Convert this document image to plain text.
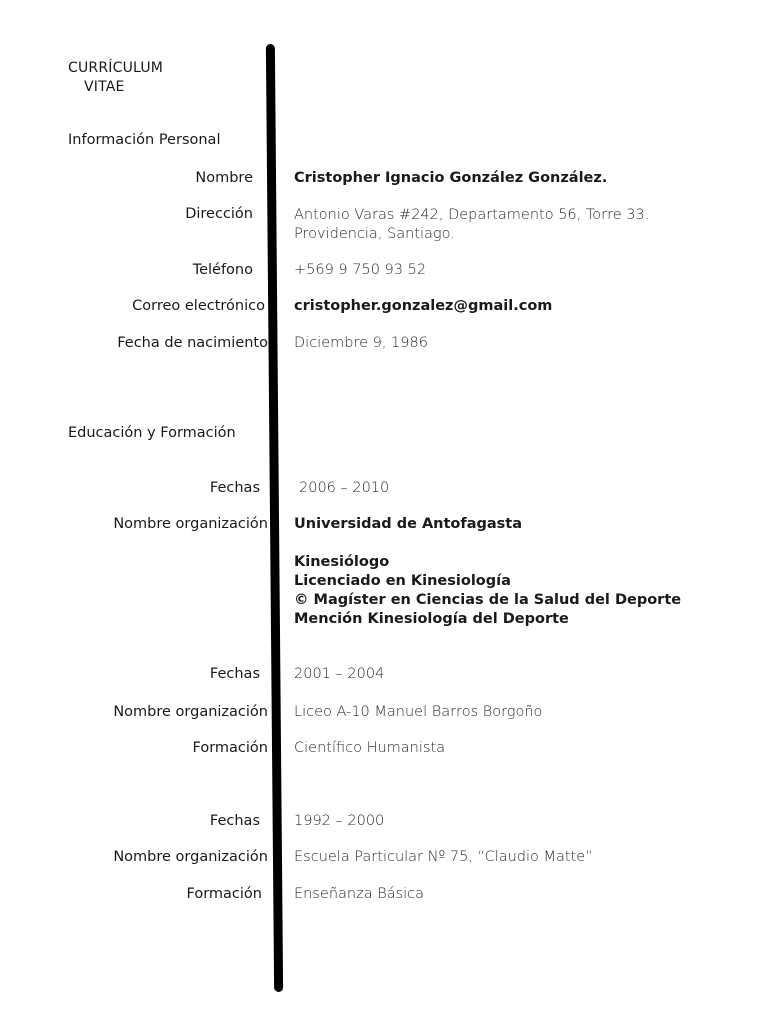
CURRÍCULUM
VITAE
Información Personal
Nombre	Cristopher Ignacio González González.
Dirección	Antonio Varas #242, Departamento 56, Torre 33.
Providencia, Santiago.
Teléfono	+569 9 750 93 52
Correo electrónico cristopher.gonzalez@gmail.com
Fecha de nacimiento Diciembre 9, 1986
Educación y Formación
Fechas	2006 – 2010
Nombre organización Universidad de Antofagasta
Kinesiólogo
Licenciado en Kinesiología
© Magíster en Ciencias de la Salud del Deporte
Mención Kinesiología del Deporte
Fechas 2001 – 2004
Nombre organización Liceo A-10 Manuel Barros Borgoño
Formación Científico Humanista
Fechas 1992 – 2000
Nombre organización Escuela Particular Nº 75, “Claudio Matte”
Formación Enseñanza Básica
